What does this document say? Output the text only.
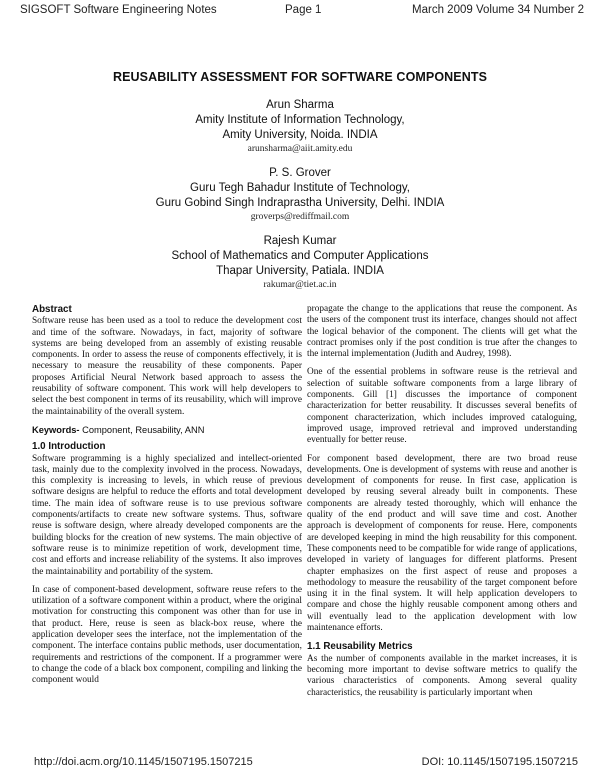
SIGSOFT Software Engineering Notes	Page 1	March 2009 Volume 34 Number 2
REUSABILITY ASSESSMENT FOR SOFTWARE COMPONENTS
Arun Sharma
Amity Institute of Information Technology,
Amity University, Noida. INDIA
arunsharma@aiit.amity.edu
P. S. Grover
Guru Tegh Bahadur Institute of Technology,
Guru Gobind Singh Indraprastha University, Delhi. INDIA
groverps@rediffmail.com
Rajesh Kumar
School of Mathematics and Computer Applications
Thapar University, Patiala. INDIA
rakumar@tiet.ac.in
Abstract

Software reuse has been used as a tool to reduce the development cost and time of the software. Nowadays, in fact, majority of software systems are being developed from an assembly of existing reusable components. In order to assess the reuse of components effectively, it is necessary to measure the reusability of these components. Paper proposes Artificial Neural Network based approach to assess the reusability of software component. This work will help developers to select the best component in terms of its reusability, which will improve the maintainability of the overall system.

Keywords- Component, Reusability, ANN
1.0 Introduction

Software programming is a highly specialized and intellect-oriented task, mainly due to the complexity involved in the process. Nowadays, this complexity is increasing to levels, in which reuse of previous software designs are helpful to reduce the efforts and total development time. The main idea of software reuse is to use previous software components/artifacts to create new software systems. Thus, software reuse is software design, where already developed components are the building blocks for the creation of new systems. The main objective of software reuse is to minimize repetition of work, development time, cost and efforts and increase reliability of the systems. It also improves the maintainability and portability of the system.

In case of component-based development, software reuse refers to the utilization of a software component within a product, where the original motivation for constructing this component was other than for use in that product. Here, reuse is seen as black-box reuse, where the application developer sees the interface, not the implementation of the component. The interface contains public methods, user documentation, requirements and restrictions of the component. If a programmer were to change the code of a black box component, compiling and linking the component would

propagate the change to the applications that reuse the component. As the users of the component trust its interface, changes should not affect the logical behavior of the component. The clients will get what the contract promises only if the post condition is true after the changes to the internal implementation (Judith and Audrey, 1998).

One of the essential problems in software reuse is the retrieval and selection of suitable software components from a large library of components. Gill [1] discusses the importance of component characterization for better reusability. It discusses several benefits of component characterization, which includes improved cataloguing, improved usage, improved retrieval and improved understanding eventually for better reuse.

For component based development, there are two broad reuse developments. One is development of systems with reuse and another is development of components for reuse. In first case, application is developed by reusing several already built in components. These components are already tested thoroughly, which will enhance the quality of the end product and will save time and cost. Another approach is development of components for reuse. Here, components are developed keeping in mind the high reusability for this component. These components need to be compatible for wide range of applications, developed in variety of languages for different platforms. Present chapter emphasizes on the first aspect of reuse and proposes a methodology to measure the reusability of the target component before using it in the final system. It will help application developers to compare and chose the highly reusable component among others and will eventually lead to the application development with low maintenance efforts.

1.1 Reusability Metrics

As the number of components available in the market increases, it is becoming more important to devise software metrics to qualify the various characteristics of components. Among several quality characteristics, the reusability is particularly important when

http://doi.acm.org/10.1145/1507195.1507215	DOI: 10.1145/1507195.1507215
